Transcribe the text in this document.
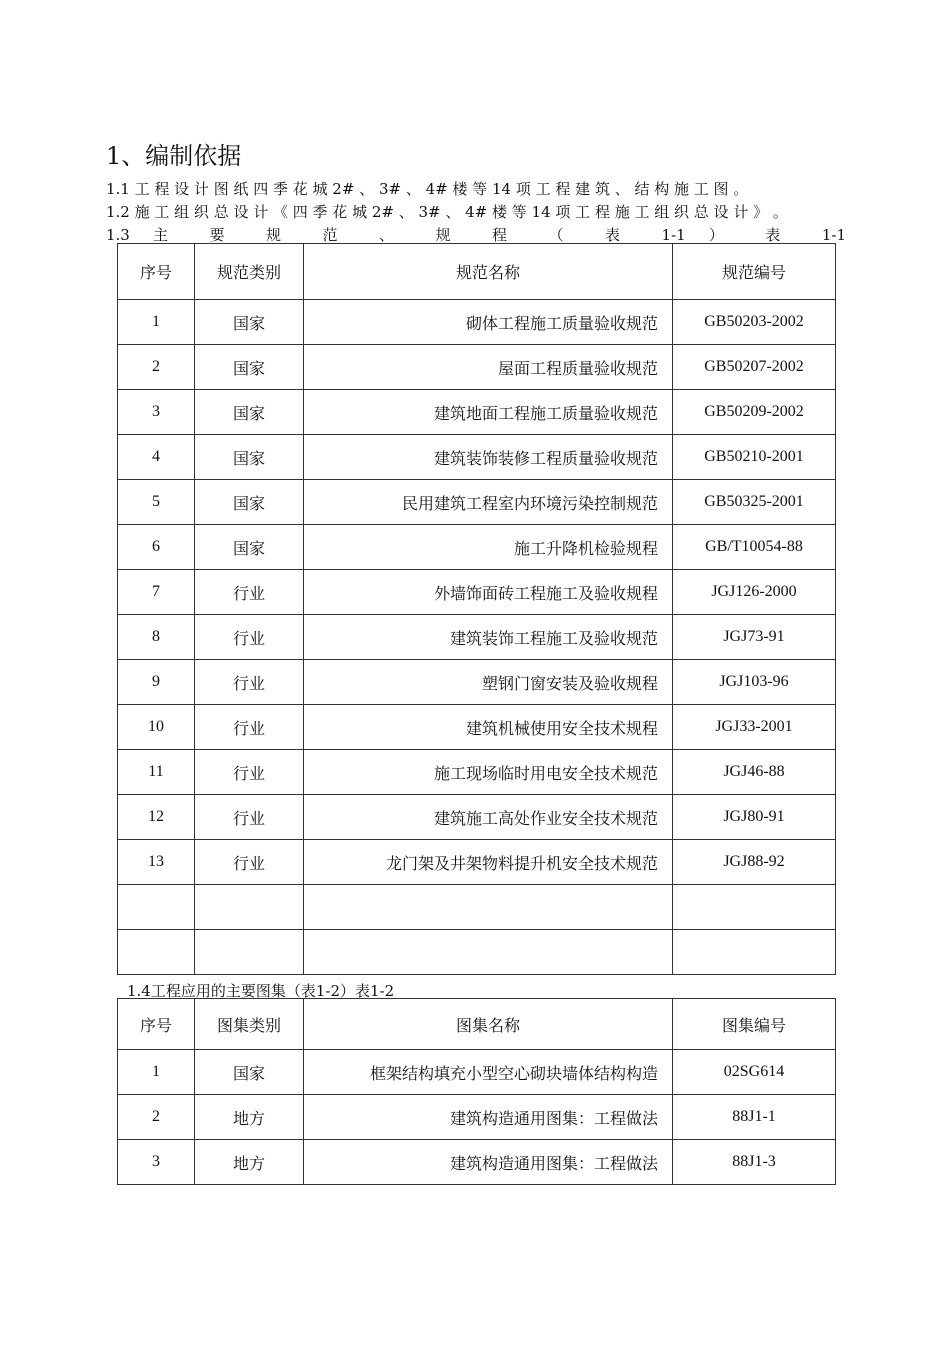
1、编制依据
1.1 工 程 设 计 图 纸 四 季 花 城 2# 、 3# 、 4# 楼 等 14 项 工 程 建 筑 、 结 构 施 工 图 。
1.2 施 工 组 织 总 设 计 《 四 季 花 城 2# 、 3# 、 4# 楼 等 14 项 工 程 施 工 组 织 总 设 计 》 。
1.3 主 要 规 范 、 规 程 （ 表 1-1 ） 表 1-1
序号	规范类别	规范名称	规范编号
1	国家	砌体工程施工质量验收规范	GB50203-2002
2	国家	屋面工程质量验收规范	GB50207-2002
3	国家	建筑地面工程施工质量验收规范	GB50209-2002
4	国家	建筑装饰装修工程质量验收规范	GB50210-2001
5	国家	民用建筑工程室内环境污染控制规范	GB50325-2001
6	国家	施工升降机检验规程	GB/T10054-88
7	行业	外墙饰面砖工程施工及验收规程	JGJ126-2000
8	行业	建筑装饰工程施工及验收规范	JGJ73-91
9	行业	塑钢门窗安装及验收规程	JGJ103-96
10	行业	建筑机械使用安全技术规程	JGJ33-2001
11	行业	施工现场临时用电安全技术规范	JGJ46-88
12	行业	建筑施工高处作业安全技术规范	JGJ80-91
13	行业	龙门架及井架物料提升机安全技术规范	JGJ88-92

1.4工程应用的主要图集（表1-2）表1-2
序号	图集类别	图集名称	图集编号
1	国家	框架结构填充小型空心砌块墙体结构构造	02SG614
2	地方	建筑构造通用图集：工程做法	88J1-1
3	地方	建筑构造通用图集：工程做法	88J1-3
